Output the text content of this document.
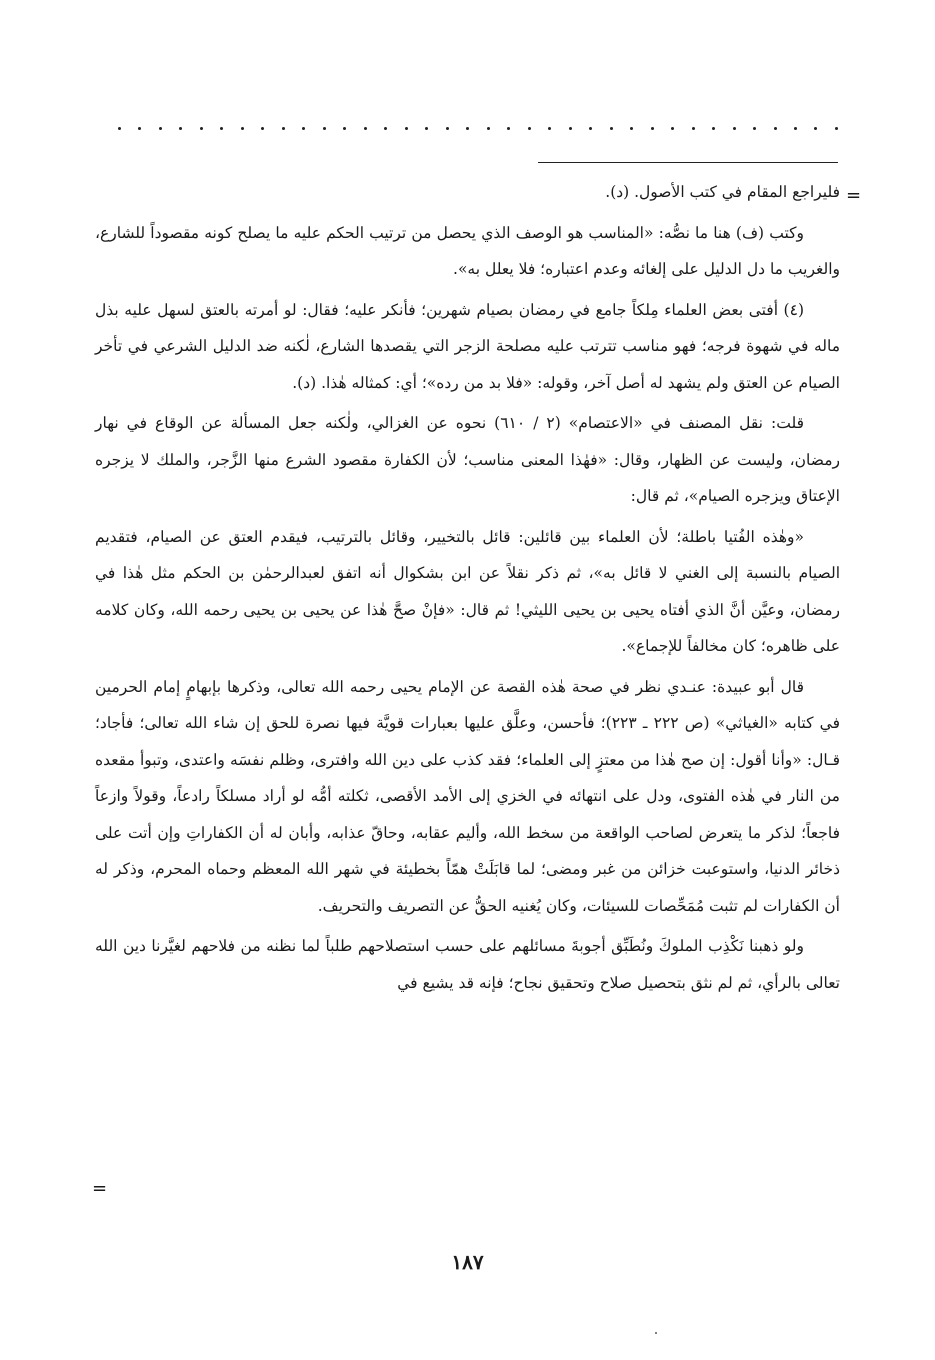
=

فليراجع المقام في كتب الأصول. (د).

وكتب (ف) هنا ما نصُّه: «المناسب هو الوصف الذي يحصل من ترتيب الحكم عليه ما يصلح كونه مقصوداً للشارع، والغريب ما دل الدليل على إلغائه وعدم اعتباره؛ فلا يعلل به».

(٤) أفتى بعض العلماء مِلكاً جامع في رمضان بصيام شهرين؛ فأنكر عليه؛ فقال: لو أمرته بالعتق لسهل عليه بذل ماله في شهوة فرجه؛ فهو مناسب تترتب عليه مصلحة الزجر التي يقصدها الشارع، لٰكنه ضد الدليل الشرعي في تأخر الصيام عن العتق ولم يشهد له أصل آخر، وقوله: «فلا بد من رده»؛ أي: كمثاله هٰذا. (د).

قلت: نقل المصنف في «الاعتصام» (٢ / ٦١٠) نحوه عن الغزالي، ولٰكنه جعل المسألة عن الوقاع في نهار رمضان، وليست عن الظهار، وقال: «فهٰذا المعنى مناسب؛ لأن الكفارة مقصود الشرع منها الزَّجر، والملك لا يزجره الإعتاق ويزجره الصيام»، ثم قال:

«وهٰذه الفُتيا باطلة؛ لأن العلماء بين قائلين: قائل بالتخيير، وقائل بالترتيب، فيقدم العتق عن الصيام، فتقديم الصيام بالنسبة إلى الغني لا قائل به»، ثم ذكر نقلاً عن ابن بشكوال أنه اتفق لعبدالرحمٰن بن الحكم مثل هٰذا في رمضان، وعيَّن أنَّ الذي أفتاه يحيى بن يحيى الليثي! ثم قال: «فإنْ صحَّ هٰذا عن يحيى بن يحيى رحمه الله، وكان كلامه على ظاهره؛ كان مخالفاً للإجماع».

قال أبو عبيدة: عنـدي نظر في صحة هٰذه القصة عن الإمام يحيى رحمه الله تعالى، وذكرها بإبهامٍ إمام الحرمين في كتابه «الغياثي» (ص ٢٢٢ ـ ٢٢٣)؛ فأحسن، وعلَّق عليها بعبارات قويَّة فيها نصرة للحق إن شاء الله تعالى؛ فأجاد؛ قـال: «وأنا أقول: إن صح هٰذا من معتزٍ إلى العلماء؛ فقد كذب على دين الله وافترى، وظلم نفسَه واعتدى، وتبوأ مقعده من النار في هٰذه الفتوى، ودل على انتهائه في الخزي إلى الأمد الأقصى، ثكلته أمُّه لو أراد مسلكاً رادعاً، وقولاً وازعاً فاجعاً؛ لذكر ما يتعرض لصاحب الواقعة من سخط الله، وأليم عقابه، وحاقّ عذابه، وأبان له أن الكفاراتِ وإن أتت على ذخائر الدنيا، واستوعبت خزائن من غبر ومضى؛ لما قابَلَتْ همّاً بخطيئة في شهر الله المعظم وحماه المحرم، وذكر له أن الكفارات لم تثبت مُمَحِّصات للسيئات، وكان يُغنيه الحقُّ عن التصريف والتحريف.

ولو ذهبنا نَكْذِب الملوكَ ونُطَبِّق أجوبةَ مسائلهم على حسب استصلاحهم طلباً لما نظنه من فلاحهم لغيَّرنا دين الله تعالى بالرأي، ثم لم نثق بتحصيل صلاح وتحقيق نجاح؛ فإنه قد يشيع في

=
١٨٧
